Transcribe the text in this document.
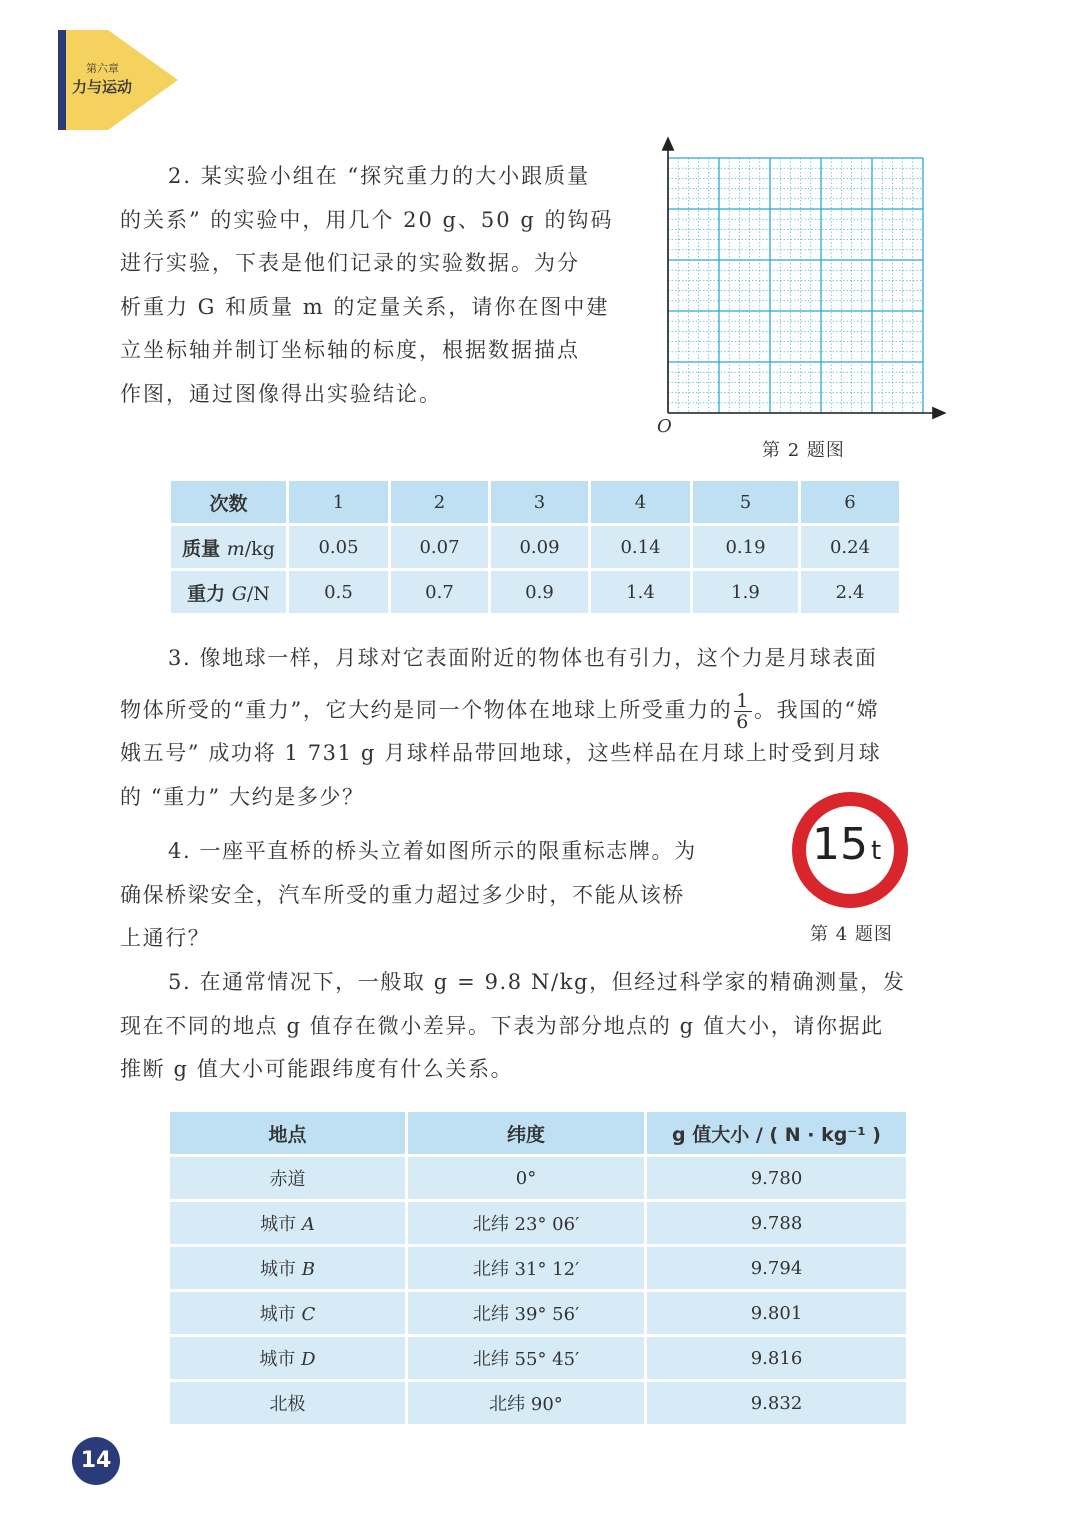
第六章
力与运动
2. 某实验小组在 “探究重力的大小跟质量
的关系” 的实验中，用几个 20 g、50 g 的钩码
进行实验，下表是他们记录的实验数据。为分
析重力 G 和质量 m 的定量关系，请你在图中建
立坐标轴并制订坐标轴的标度，根据数据描点
作图，通过图像得出实验结论。
O
第 2 题图
次数	1	2	3	4	5	6
质量 m/kg	0.05	0.07	0.09	0.14	0.19	0.24
重力 G/N	0.5	0.7	0.9	1.4	1.9	2.4
3. 像地球一样，月球对它表面附近的物体也有引力，这个力是月球表面
物体所受的“重力”，它大约是同一个物体在地球上所受重力的 $\frac{1}{6}$ 。我国的“嫦
娥五号” 成功将 1 731 g 月球样品带回地球，这些样品在月球上时受到月球
的 “重力” 大约是多少？
4. 一座平直桥的桥头立着如图所示的限重标志牌。为
确保桥梁安全，汽车所受的重力超过多少时，不能从该桥
上通行？
15 t
第 4 题图
5. 在通常情况下，一般取 g = 9.8 N/kg，但经过科学家的精确测量，发
现在不同的地点 g 值存在微小差异。下表为部分地点的 g 值大小，请你据此
推断 g 值大小可能跟纬度有什么关系。
地点	纬度	g 值大小 / ( N · kg⁻¹ )
赤道	0°	9.780
城市 A	北纬 23° 06′	9.788
城市 B	北纬 31° 12′	9.794
城市 C	北纬 39° 56′	9.801
城市 D	北纬 55° 45′	9.816
北极	北纬 90°	9.832
14
